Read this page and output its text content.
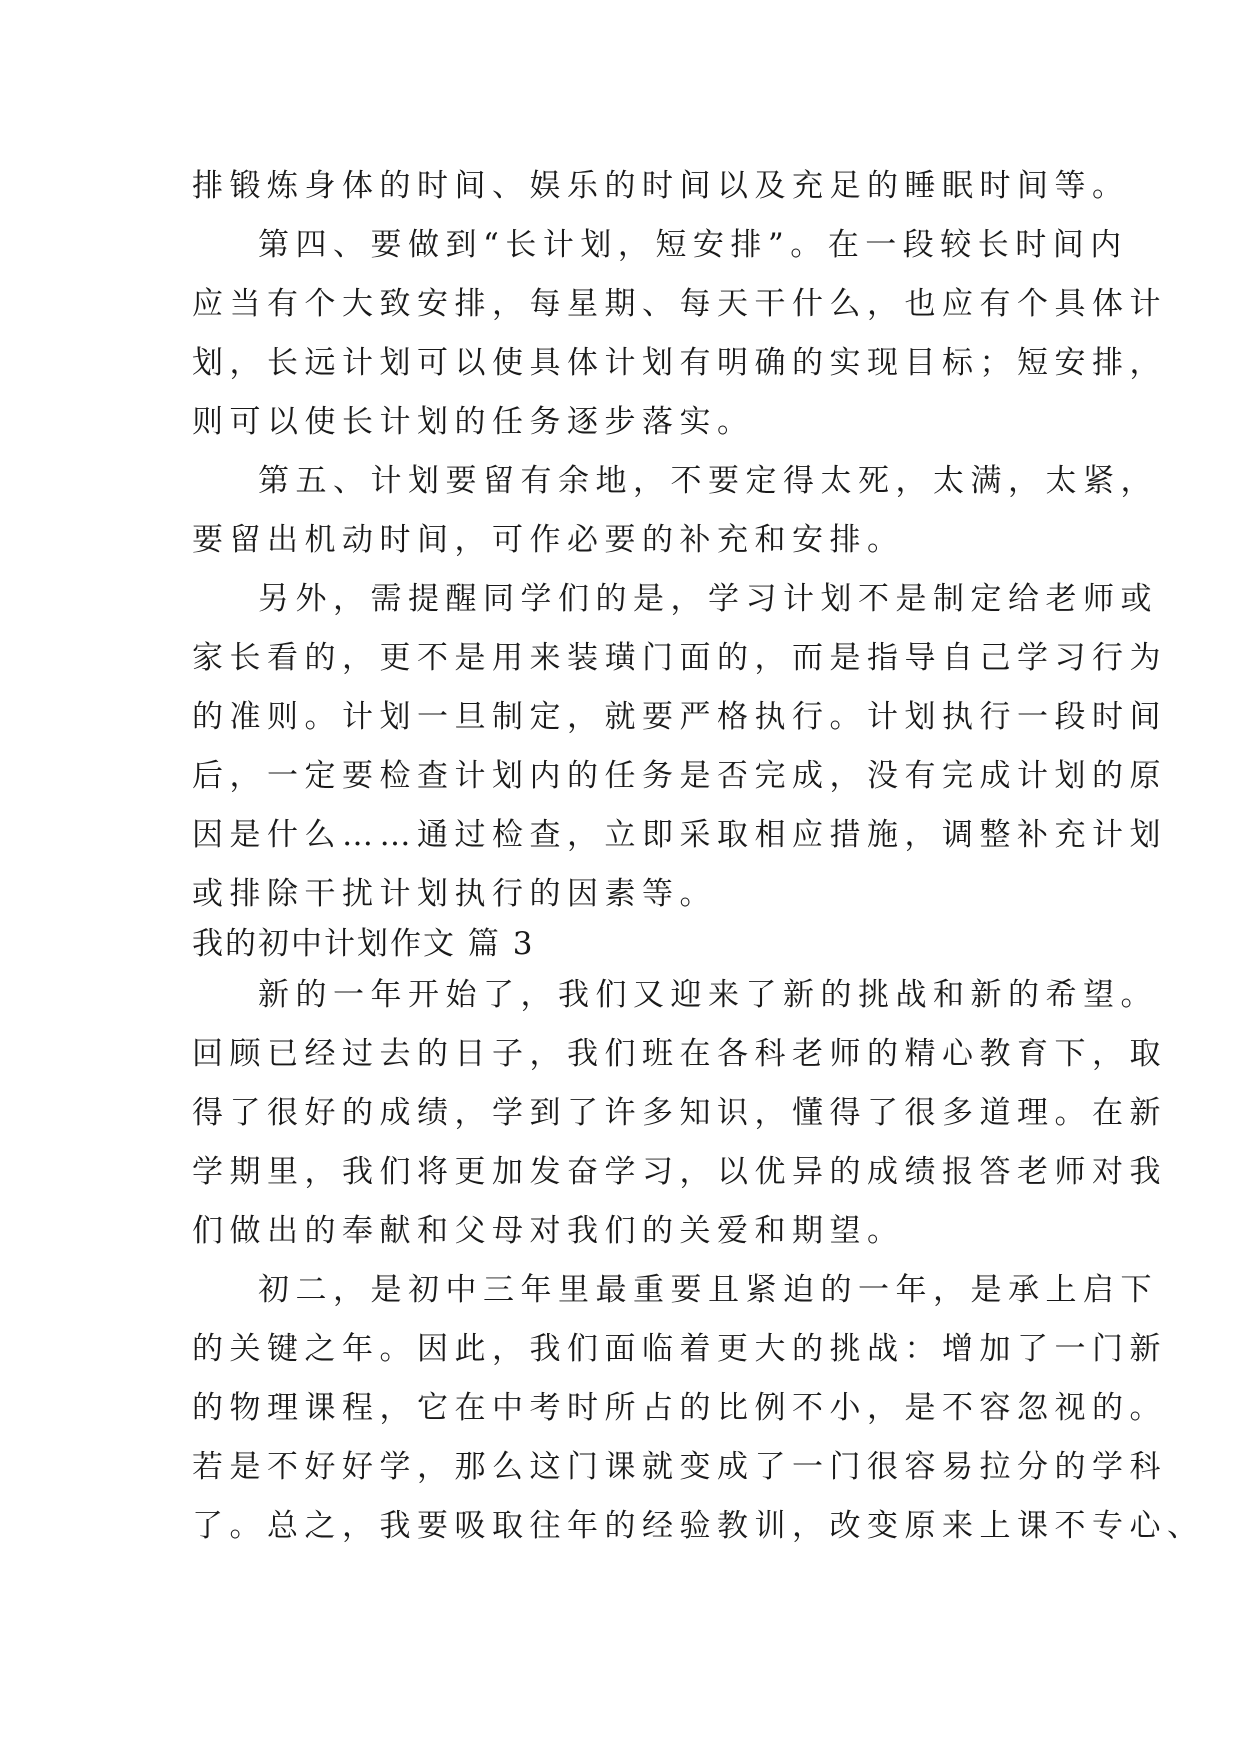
排锻炼身体的时间、娱乐的时间以及充足的睡眠时间等。
第四、要做到“长计划，短安排”。在一段较长时间内
应当有个大致安排，每星期、每天干什么，也应有个具体计
划，长远计划可以使具体计划有明确的实现目标；短安排，
则可以使长计划的任务逐步落实。
第五、计划要留有余地，不要定得太死，太满，太紧，
要留出机动时间，可作必要的补充和安排。
另外，需提醒同学们的是，学习计划不是制定给老师或
家长看的，更不是用来装璜门面的，而是指导自己学习行为
的准则。计划一旦制定，就要严格执行。计划执行一段时间
后，一定要检查计划内的任务是否完成，没有完成计划的原
因是什么……通过检查，立即采取相应措施，调整补充计划
或排除干扰计划执行的因素等。
我的初中计划作文 篇 3
新的一年开始了，我们又迎来了新的挑战和新的希望。
回顾已经过去的日子，我们班在各科老师的精心教育下，取
得了很好的成绩，学到了许多知识，懂得了很多道理。在新
学期里，我们将更加发奋学习，以优异的成绩报答老师对我
们做出的奉献和父母对我们的关爱和期望。
初二，是初中三年里最重要且紧迫的一年，是承上启下
的关键之年。因此，我们面临着更大的挑战：增加了一门新
的物理课程，它在中考时所占的比例不小，是不容忽视的。
若是不好好学，那么这门课就变成了一门很容易拉分的学科
了。总之，我要吸取往年的经验教训，改变原来上课不专心、
